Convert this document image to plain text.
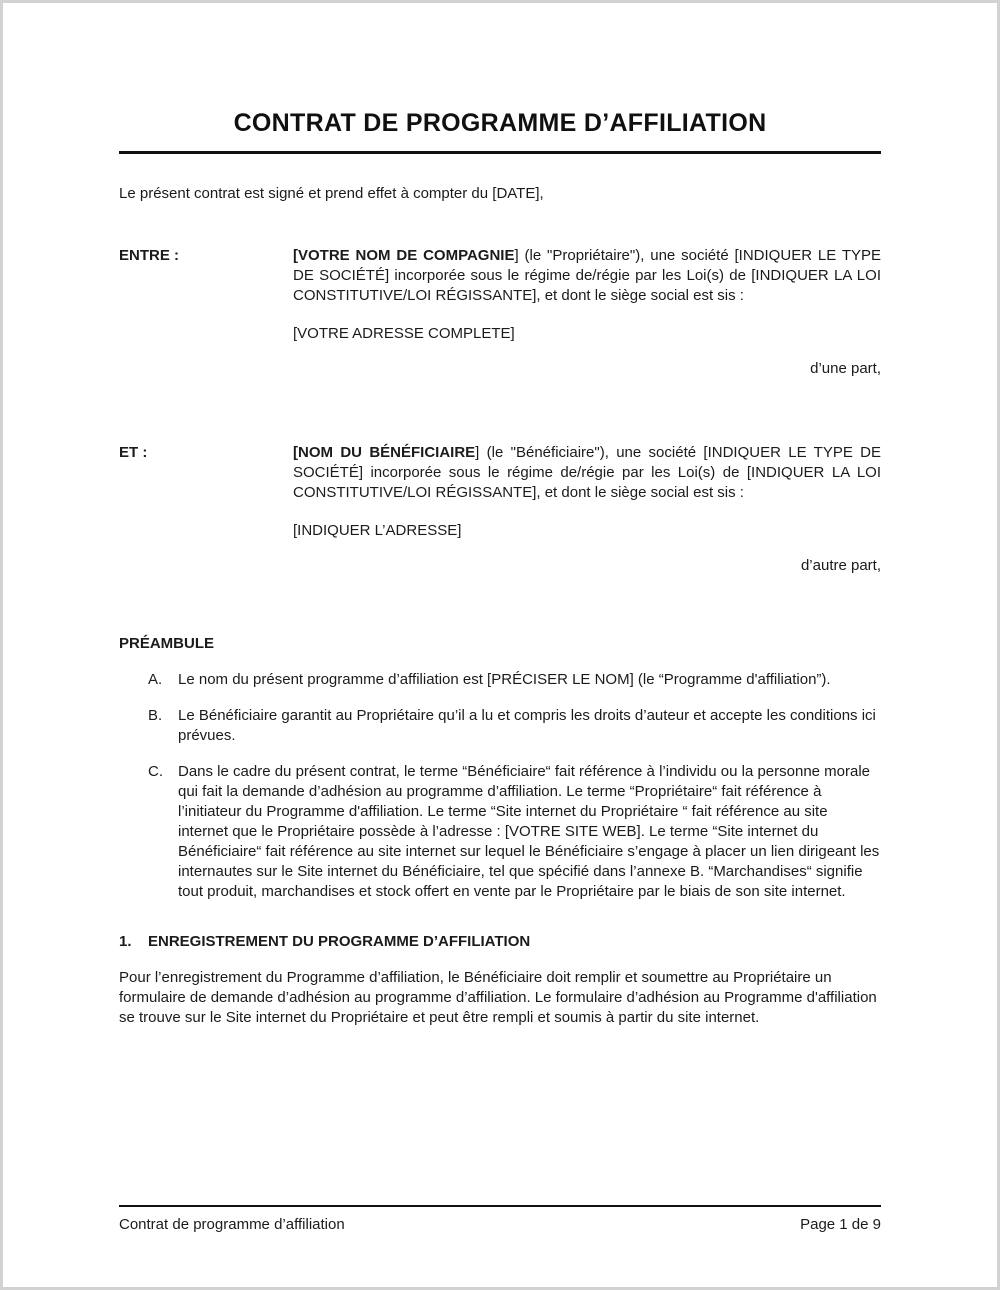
CONTRAT DE PROGRAMME D’AFFILIATION

Le présent contrat est signé et prend effet à compter du [DATE],

ENTRE :	[VOTRE NOM DE COMPAGNIE] (le "Propriétaire"), une société [INDIQUER LE TYPE DE SOCIÉTÉ] incorporée sous le régime de/régie par les Loi(s) de [INDIQUER LA LOI CONSTITUTIVE/LOI RÉGISSANTE], et dont le siège social est sis :

[VOTRE ADRESSE COMPLETE]

d’une part,

ET :	[NOM DU BÉNÉFICIAIRE] (le "Bénéficiaire"), une société [INDIQUER LE TYPE DE SOCIÉTÉ] incorporée sous le régime de/régie par les Loi(s) de [INDIQUER LA LOI CONSTITUTIVE/LOI RÉGISSANTE], et dont le siège social est sis :

[INDIQUER L’ADRESSE]

d’autre part,

PRÉAMBULE
A.	Le nom du présent programme d’affiliation est [PRÉCISER LE NOM] (le “Programme d'affiliation”).
B.	Le Bénéficiaire garantit au Propriétaire qu’il a lu et compris les droits d’auteur et accepte les conditions ici prévues.
C.	Dans le cadre du présent contrat, le terme “Bénéficiaire“ fait référence à l’individu ou la personne morale qui fait la demande d’adhésion au programme d’affiliation. Le terme “Propriétaire“ fait référence à l’initiateur du Programme d'affiliation. Le terme “Site internet du Propriétaire “ fait référence au site internet que le Propriétaire possède à l’adresse : [VOTRE SITE WEB]. Le terme “Site internet du Bénéficiaire“ fait référence au site internet sur lequel le Bénéficiaire s’engage à placer un lien dirigeant les internautes sur le Site internet du Bénéficiaire, tel que spécifié dans l’annexe B. “Marchandises“ signifie tout produit, marchandises et stock offert en vente par le Propriétaire par le biais de son site internet.
1.	ENREGISTREMENT DU PROGRAMME D’AFFILIATION

Pour l’enregistrement du Programme d’affiliation, le Bénéficiaire doit remplir et soumettre au Propriétaire un formulaire de demande d’adhésion au programme d’affiliation. Le formulaire d’adhésion au Programme d'affiliation se trouve sur le Site internet du Propriétaire et peut être rempli et soumis à partir du site internet.

Contrat de programme d’affiliation	Page 1 de 9
